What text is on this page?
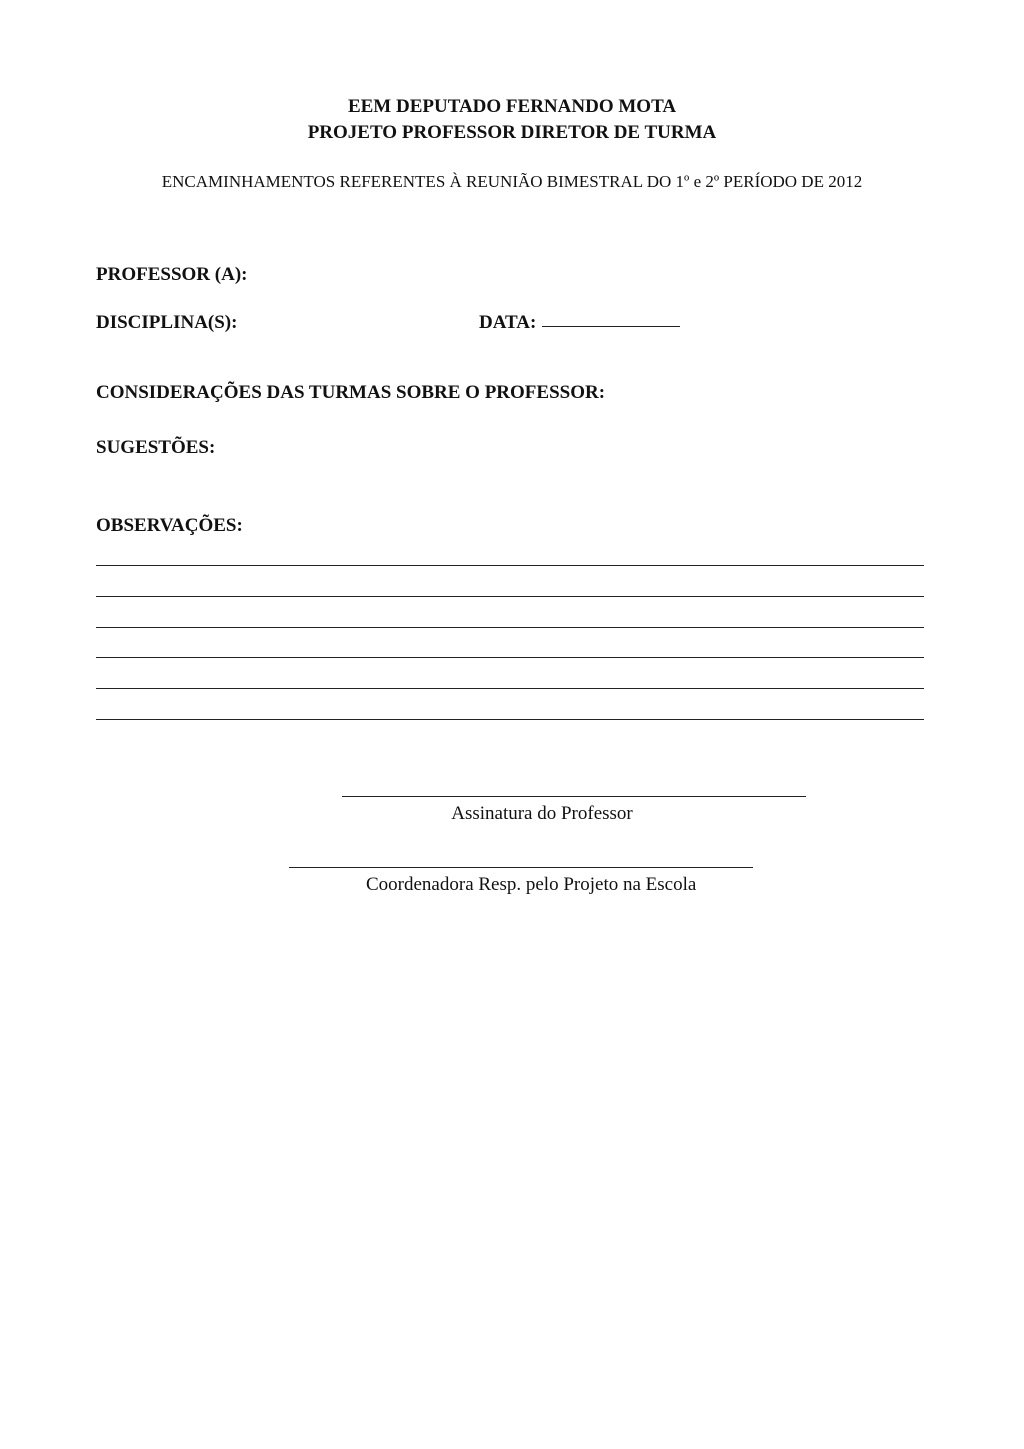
EEM DEPUTADO FERNANDO MOTA
PROJETO PROFESSOR DIRETOR DE TURMA
ENCAMINHAMENTOS REFERENTES À REUNIÃO BIMESTRAL DO 1º e 2º PERÍODO DE 2012
PROFESSOR (A):
DISCIPLINA(S):	DATA:
CONSIDERAÇÕES DAS TURMAS SOBRE O PROFESSOR:
SUGESTÕES:
OBSERVAÇÕES:
Assinatura do Professor
Coordenadora Resp. pelo Projeto na Escola
